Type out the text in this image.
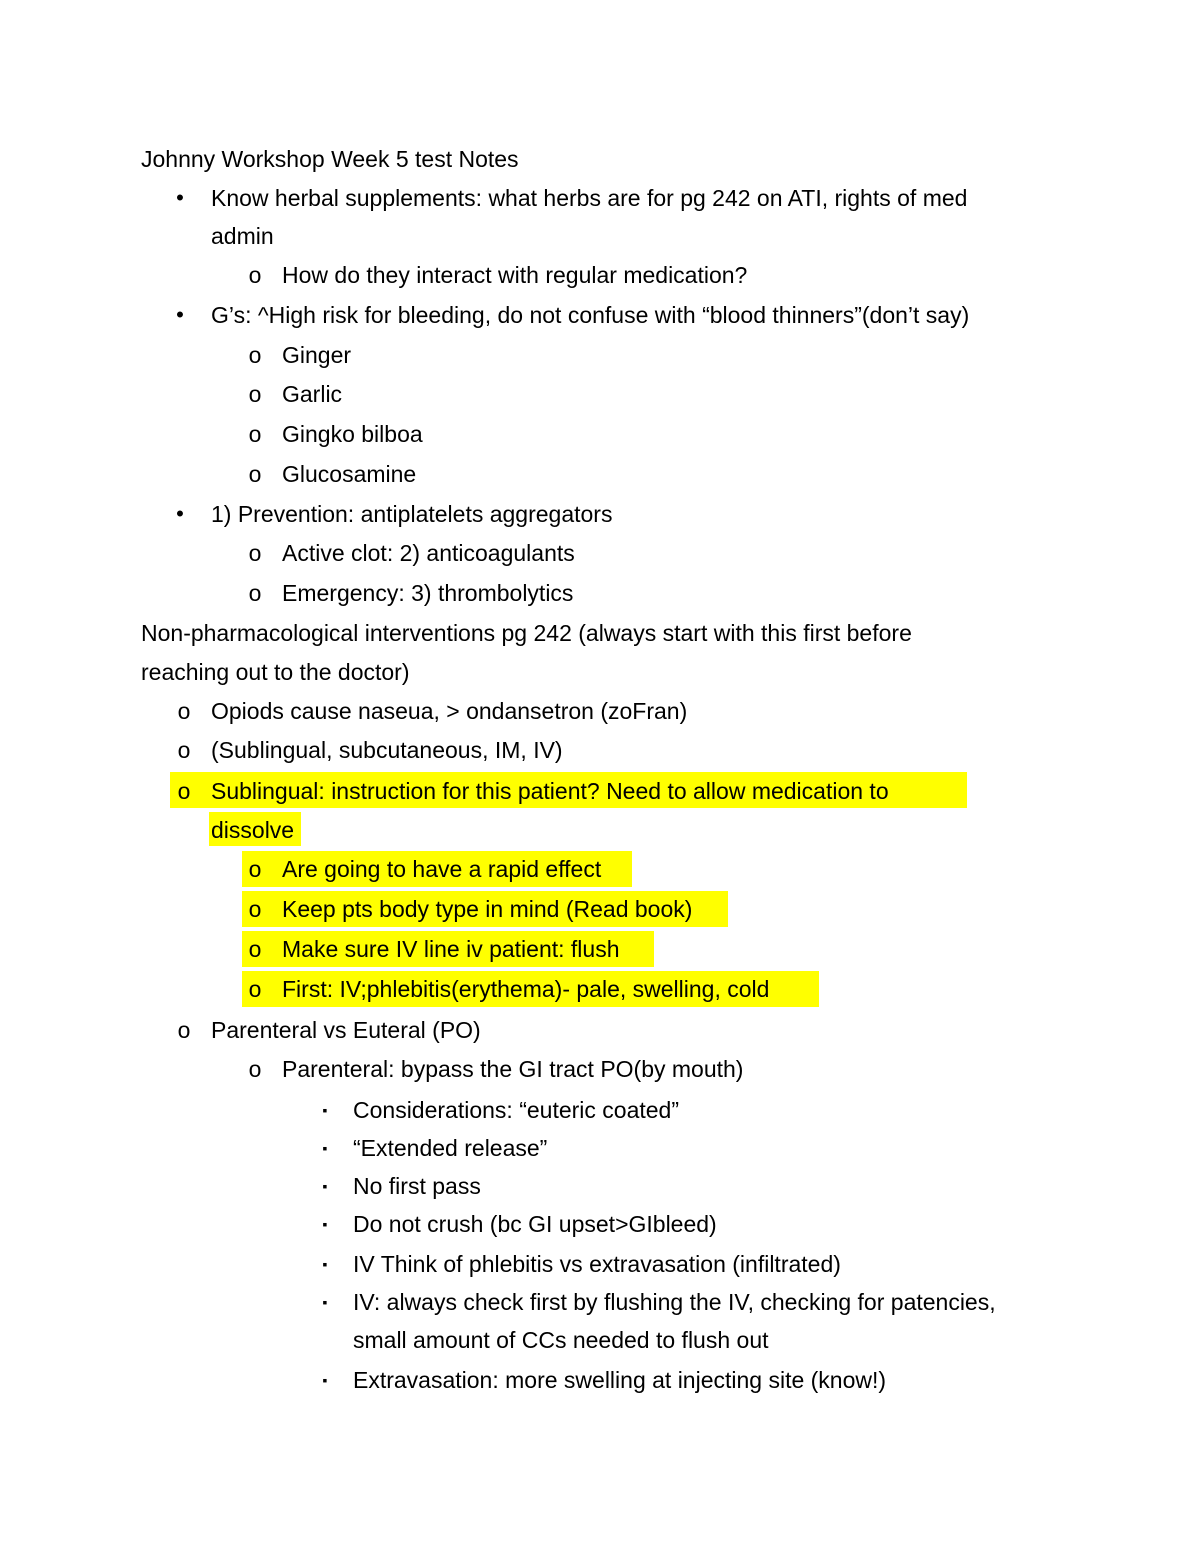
Johnny Workshop Week 5 test Notes
•	Know herbal supplements: what herbs are for pg 242 on ATI, rights of med
admin
o How do they interact with regular medication?
•	G’s: ^High risk for bleeding, do not confuse with “blood thinners”(don’t say)
o Ginger
o Garlic
o Gingko bilboa
o Glucosamine
•	1) Prevention: antiplatelets aggregators
o Active clot: 2) anticoagulants
o Emergency: 3) thrombolytics
Non-pharmacological interventions pg 242 (always start with this first before
reaching out to the doctor)
o Opiods cause naseua, > ondansetron (zoFran)
o (Sublingual, subcutaneous, IM, IV)
o Sublingual: instruction for this patient? Need to allow medication to
dissolve
o Are going to have a rapid effect
o Keep pts body type in mind (Read book)
o Make sure IV line iv patient: flush
o First: IV;phlebitis(erythema)- pale, swelling, cold
o Parenteral vs Euteral (PO)
o Parenteral: bypass the GI tract PO(by mouth)
▪	Considerations: “euteric coated”
▪	“Extended release”
▪	No first pass
▪	Do not crush (bc GI upset>GIbleed)
▪	IV Think of phlebitis vs extravasation (infiltrated)
▪	IV: always check first by flushing the IV, checking for patencies,
small amount of CCs needed to flush out
▪	Extravasation: more swelling at injecting site (know!)
